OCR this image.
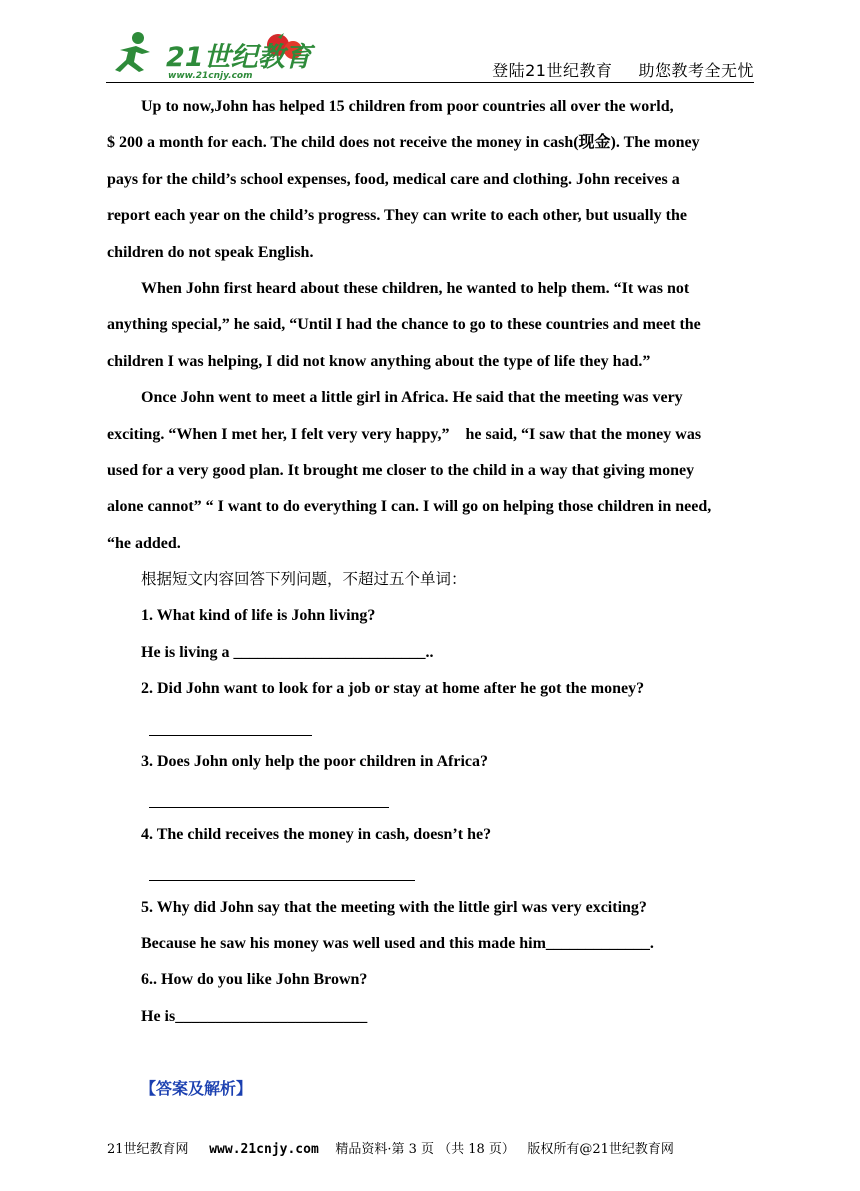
21世纪教育
www.21cnjy.com	登陆21世纪教育 助您教考全无忧
Up to now,John has helped 15 children from poor countries all over the world,
$ 200 a month for each. The child does not receive the money in cash(现金). The money
pays for the child’s school expenses, food, medical care and clothing. John receives a
report each year on the child’s progress. They can write to each other, but usually the
children do not speak English.
When John first heard about these children, he wanted to help them. “It was not
anything special,” he said, “Until I had the chance to go to these countries and meet the
children I was helping, I did not know anything about the type of life they had.”
Once John went to meet a little girl in Africa. He said that the meeting was very
exciting. “When I met her, I felt very very happy,”    he said, “I saw that the money was
used for a very good plan. It brought me closer to the child in a way that giving money
alone cannot” “ I want to do everything I can. I will go on helping those children in need,
“he added.
根据短文内容回答下列问题，不超过五个单词：
1. What kind of life is John living?
He is living a ________________________..
2. Did John want to look for a job or stay at home after he got the money?
3. Does John only help the poor children in Africa?
4. The child receives the money in cash, doesn’t he?
5. Why did John say that the meeting with the little girl was very exciting?
Because he saw his money was well used and this made him_____________.
6.. How do you like John Brown?
He is________________________
【答案及解析】
21世纪教育网 www.21cnjy.com 精品资料·第 3 页 （共 18 页） 版权所有@21世纪教育网
